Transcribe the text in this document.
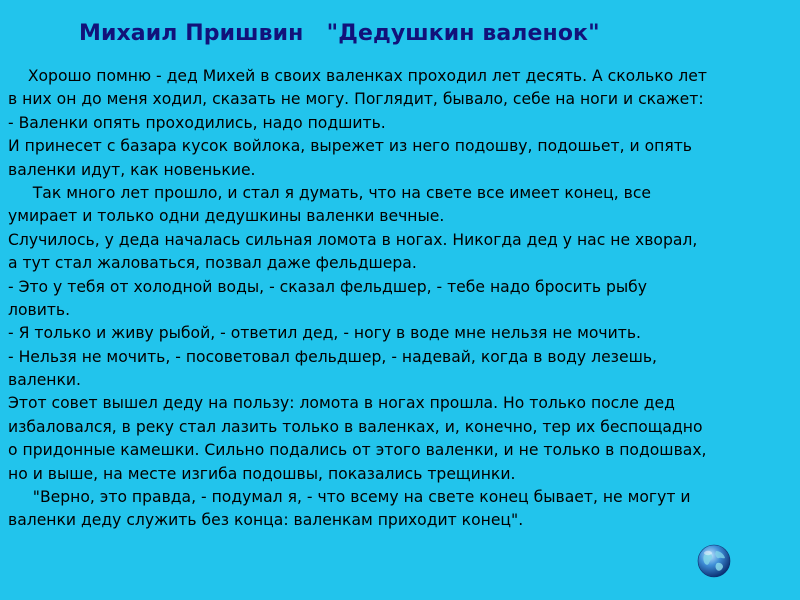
Михаил Пришвин   "Дедушкин валенок"
Хорошо помню - дед Михей в своих валенках проходил лет десять. А сколько лет
в них он до меня ходил, сказать не могу. Поглядит, бывало, себе на ноги и скажет:
- Валенки опять проходились, надо подшить.
И принесет с базара кусок войлока, вырежет из него подошву, подошьет, и опять
валенки идут, как новенькие.
Так много лет прошло, и стал я думать, что на свете все имеет конец, все
умирает и только одни дедушкины валенки вечные.
Случилось, у деда началась сильная ломота в ногах. Никогда дед у нас не хворал,
а тут стал жаловаться, позвал даже фельдшера.
- Это у тебя от холодной воды, - сказал фельдшер, - тебе надо бросить рыбу
ловить.
- Я только и живу рыбой, - ответил дед, - ногу в воде мне нельзя не мочить.
- Нельзя не мочить, - посоветовал фельдшер, - надевай, когда в воду лезешь,
валенки.
Этот совет вышел деду на пользу: ломота в ногах прошла. Но только после дед
избаловался, в реку стал лазить только в валенках, и, конечно, тер их беспощадно
о придонные камешки. Сильно подались от этого валенки, и не только в подошвах,
но и выше, на месте изгиба подошвы, показались трещинки.
"Верно, это правда, - подумал я, - что всему на свете конец бывает, не могут и
валенки деду служить без конца: валенкам приходит конец".
